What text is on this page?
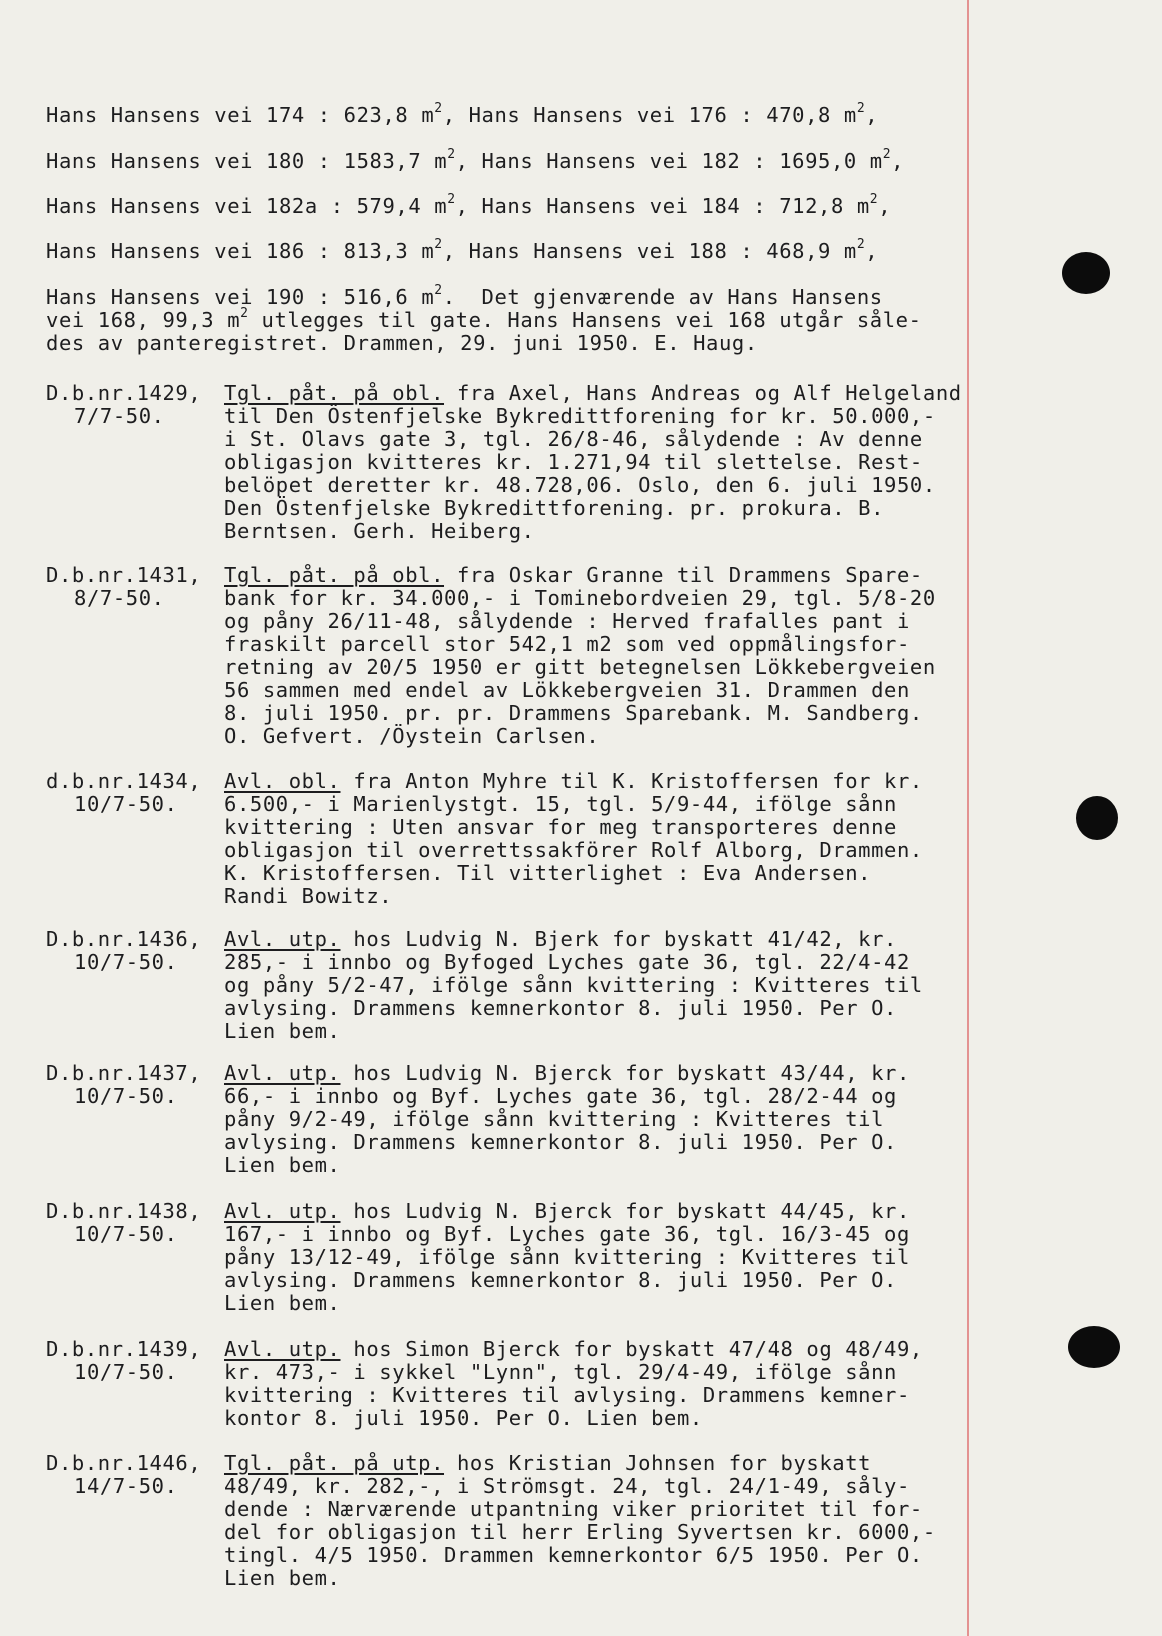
Hans Hansens vei 174 : 623,8 $m^2$, Hans Hansens vei 176 : 470,8 $m^2$,
Hans Hansens vei 180 : 1583,7 $m^2$, Hans Hansens vei 182 : 1695,0 $m^2$,
Hans Hansens vei 182a : 579,4 $m^2$, Hans Hansens vei 184 : 712,8 $m^2$,
Hans Hansens vei 186 : 813,3 $m^2$, Hans Hansens vei 188 : 468,9 $m^2$,
Hans Hansens vei 190 : 516,6 $m^2$.  Det gjenværende av Hans Hansens
vei 168, 99,3 $m^2$ utlegges til gate. Hans Hansens vei 168 utgår såle-
des av panteregistret. Drammen, 29. juni 1950. E. Haug.
D.b.nr.1429,
7/7-50.
Tgl. påt. på obl. fra Axel, Hans Andreas og Alf Helgeland
til Den Östenfjelske Bykredittforening for kr. 50.000,-
i St. Olavs gate 3, tgl. 26/8-46, sålydende : Av denne
obligasjon kvitteres kr. 1.271,94 til slettelse. Rest-
belöpet deretter kr. 48.728,06. Oslo, den 6. juli 1950.
Den Östenfjelske Bykredittforening. pr. prokura. B.
Berntsen. Gerh. Heiberg.
D.b.nr.1431,
8/7-50.
Tgl. påt. på obl. fra Oskar Granne til Drammens Spare-
bank for kr. 34.000,- i Tominebordveien 29, tgl. 5/8-20
og påny 26/11-48, sålydende : Herved frafalles pant i
fraskilt parcell stor 542,1 m2 som ved oppmålingsfor-
retning av 20/5 1950 er gitt betegnelsen Lökkebergveien
56 sammen med endel av Lökkebergveien 31. Drammen den
8. juli 1950. pr. pr. Drammens Sparebank. M. Sandberg.
O. Gefvert. /Öystein Carlsen.
d.b.nr.1434,
10/7-50.
Avl. obl. fra Anton Myhre til K. Kristoffersen for kr.
6.500,- i Marienlystgt. 15, tgl. 5/9-44, ifölge sånn
kvittering : Uten ansvar for meg transporteres denne
obligasjon til overrettssakförer Rolf Alborg, Drammen.
K. Kristoffersen. Til vitterlighet : Eva Andersen.
Randi Bowitz.
D.b.nr.1436,
10/7-50.
Avl. utp. hos Ludvig N. Bjerk for byskatt 41/42, kr.
285,- i innbo og Byfoged Lyches gate 36, tgl. 22/4-42
og påny 5/2-47, ifölge sånn kvittering : Kvitteres til
avlysing. Drammens kemnerkontor 8. juli 1950. Per O.
Lien bem.
D.b.nr.1437,
10/7-50.
Avl. utp. hos Ludvig N. Bjerck for byskatt 43/44, kr.
66,- i innbo og Byf. Lyches gate 36, tgl. 28/2-44 og
påny 9/2-49, ifölge sånn kvittering : Kvitteres til
avlysing. Drammens kemnerkontor 8. juli 1950. Per O.
Lien bem.
D.b.nr.1438,
10/7-50.
Avl. utp. hos Ludvig N. Bjerck for byskatt 44/45, kr.
167,- i innbo og Byf. Lyches gate 36, tgl. 16/3-45 og
påny 13/12-49, ifölge sånn kvittering : Kvitteres til
avlysing. Drammens kemnerkontor 8. juli 1950. Per O.
Lien bem.
D.b.nr.1439,
10/7-50.
Avl. utp. hos Simon Bjerck for byskatt 47/48 og 48/49,
kr. 473,- i sykkel "Lynn", tgl. 29/4-49, ifölge sånn
kvittering : Kvitteres til avlysing. Drammens kemner-
kontor 8. juli 1950. Per O. Lien bem.
D.b.nr.1446,
14/7-50.
Tgl. påt. på utp. hos Kristian Johnsen for byskatt
48/49, kr. 282,-, i Strömsgt. 24, tgl. 24/1-49, såly-
dende : Nærværende utpantning viker prioritet til for-
del for obligasjon til herr Erling Syvertsen kr. 6000,-
tingl. 4/5 1950. Drammen kemnerkontor 6/5 1950. Per O.
Lien bem.
